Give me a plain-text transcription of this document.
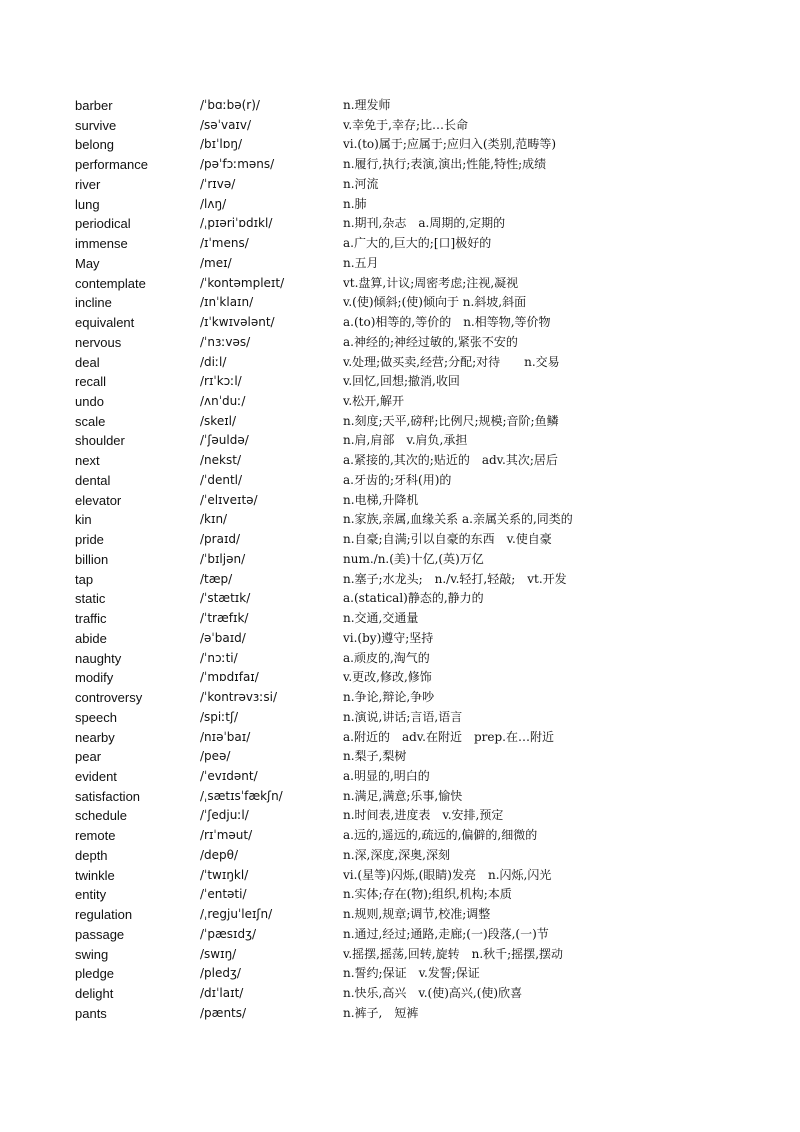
barber	/ˈbɑːbə(r)/	n.理发师
survive	/səˈvaɪv/	v.幸免于,幸存;比…长命
belong	/bɪˈlɒŋ/	vi.(to)属于;应属于;应归入(类别,范畴等)
performance	/pəˈfɔːməns/	n.履行,执行;表演,演出;性能,特性;成绩
river	/ˈrɪvə/	n.河流
lung	/lʌŋ/	n.肺
periodical	/ˌpɪəriˈɒdɪkl/	n.期刊,杂志　a.周期的,定期的
immense	/ɪˈmens/	a.广大的,巨大的;[口]极好的
May	/meɪ/	n.五月
contemplate	/ˈkontəmpleɪt/	vt.盘算,计议;周密考虑;注视,凝视
incline	/ɪnˈklaɪn/	v.(使)倾斜;(使)倾向于 n.斜坡,斜面
equivalent	/ɪˈkwɪvələnt/	a.(to)相等的,等价的　n.相等物,等价物
nervous	/ˈnɜːvəs/	a.神经的;神经过敏的,紧张不安的
deal	/diːl/	v.处理;做买卖,经营;分配;对待　　n.交易
recall	/rɪˈkɔːl/	v.回忆,回想;撤消,收回
undo	/ʌnˈduː/	v.松开,解开
scale	/skeɪl/	n.刻度;天平,磅秤;比例尺;规模;音阶;鱼鳞
shoulder	/ˈʃəuldə/	n.肩,肩部　v.肩负,承担
next	/nekst/	a.紧接的,其次的;贴近的　adv.其次;居后
dental	/ˈdentl/	a.牙齿的;牙科(用)的
elevator	/ˈelɪveɪtə/	n.电梯,升降机
kin	/kɪn/	n.家族,亲属,血缘关系 a.亲属关系的,同类的
pride	/praɪd/	n.自豪;自满;引以自豪的东西　v.使自豪
billion	/ˈbɪljən/	num./n.(美)十亿,(英)万亿
tap	/tæp/	n.塞子;水龙头;　n./v.轻打,轻敲;　vt.开发
static	/ˈstætɪk/	a.(statical)静态的,静力的
traffic	/ˈtræfɪk/	n.交通,交通量
abide	/əˈbaɪd/	vi.(by)遵守;坚持
naughty	/ˈnɔːti/	a.顽皮的,淘气的
modify	/ˈmɒdɪfaɪ/	v.更改,修改,修饰
controversy	/ˈkontrəvɜːsi/	n.争论,辩论,争吵
speech	/spiːtʃ/	n.演说,讲话;言语,语言
nearby	/nɪəˈbaɪ/	a.附近的　adv.在附近　prep.在…附近
pear	/peə/	n.梨子,梨树
evident	/ˈevɪdənt/	a.明显的,明白的
satisfaction	/ˌsætɪsˈfækʃn/	n.满足,满意;乐事,愉快
schedule	/ˈʃedjuːl/	n.时间表,进度表　v.安排,预定
remote	/rɪˈməut/	a.远的,遥远的,疏远的,偏僻的,细微的
depth	/depθ/	n.深,深度,深奥,深刻
twinkle	/ˈtwɪŋkl/	vi.(星等)闪烁,(眼睛)发亮　n.闪烁,闪光
entity	/ˈentəti/	n.实体;存在(物);组织,机构;本质
regulation	/ˌregjuˈleɪʃn/	n.规则,规章;调节,校准;调整
passage	/ˈpæsɪdʒ/	n.通过,经过;通路,走廊;(一)段落,(一)节
swing	/swɪŋ/	v.摇摆,摇荡,回转,旋转　n.秋千;摇摆,摆动
pledge	/pledʒ/	n.誓约;保证　v.发誓;保证
delight	/dɪˈlaɪt/	n.快乐,高兴　v.(使)高兴,(使)欣喜
pants	/pænts/	n.裤子,　短裤
